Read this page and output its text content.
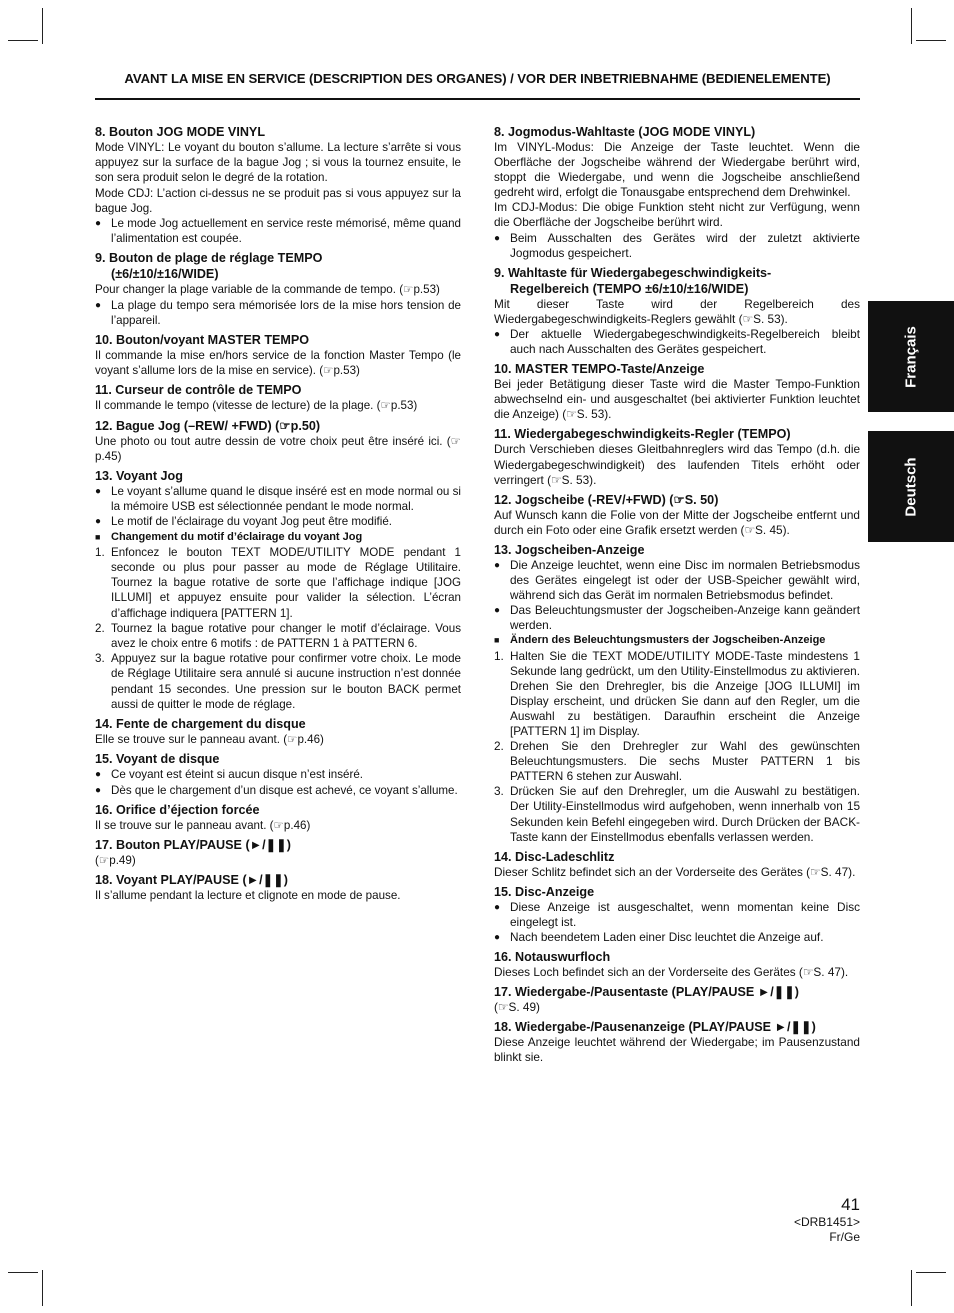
AVANT LA MISE EN SERVICE (DESCRIPTION DES ORGANES) / VOR DER INBETRIEBNAHME (BEDIENELEMENTE)
8. Bouton JOG MODE VINYL
Mode VINYL: Le voyant du bouton s’allume. La lecture s’arrête si vous appuyez sur la surface de la bague Jog ; si vous la tournez ensuite, le son sera produit selon le degré de la rotation.
Mode CDJ: L’action ci-dessus ne se produit pas si vous appuyez sur la bague Jog.
● Le mode Jog actuellement en service reste mémorisé, même quand l’alimentation est coupée.
9. Bouton de plage de réglage TEMPO
(±6/±10/±16/WIDE)
Pour changer la plage variable de la commande de tempo. (☞p.53)
● La plage du tempo sera mémorisée lors de la mise hors tension de l’appareil.
10. Bouton/voyant MASTER TEMPO
Il commande la mise en/hors service de la fonction Master Tempo (le voyant s’allume lors de la mise en service). (☞p.53)
11. Curseur de contrôle de TEMPO
Il commande le tempo (vitesse de lecture) de la plage. (☞p.53)
12. Bague Jog (–REW/ +FWD) (☞p.50)
Une photo ou tout autre dessin de votre choix peut être inséré ici. (☞p.45)
13. Voyant Jog
● Le voyant s’allume quand le disque inséré est en mode normal ou si la mémoire USB est sélectionnée pendant le mode normal.
● Le motif de l’éclairage du voyant Jog peut être modifié.
■ Changement du motif d’éclairage du voyant Jog
1. Enfoncez le bouton TEXT MODE/UTILITY MODE pendant 1 seconde ou plus pour passer au mode de Réglage Utilitaire. Tournez la bague rotative de sorte que l’affichage indique [JOG ILLUMI] et appuyez ensuite pour valider la sélection. L’écran d’affichage indiquera [PATTERN 1].
2. Tournez la bague rotative pour changer le motif d’éclairage. Vous avez le choix entre 6 motifs : de PATTERN 1 à PATTERN 6.
3. Appuyez sur la bague rotative pour confirmer votre choix. Le mode de Réglage Utilitaire sera annulé si aucune instruction n’est donnée pendant 15 secondes. Une pression sur le bouton BACK permet aussi de quitter le mode de réglage.
14. Fente de chargement du disque
Elle se trouve sur le panneau avant. (☞p.46)
15. Voyant de disque
● Ce voyant est éteint si aucun disque n’est inséré.
● Dès que le chargement d’un disque est achevé, ce voyant s’allume.
16. Orifice d’éjection forcée
Il se trouve sur le panneau avant. (☞p.46)
17. Bouton PLAY/PAUSE (►/❚❚)
(☞p.49)
18. Voyant PLAY/PAUSE (►/❚❚)
Il s’allume pendant la lecture et clignote en mode de pause.
8. Jogmodus-Wahltaste (JOG MODE VINYL)
Im VINYL-Modus: Die Anzeige der Taste leuchtet. Wenn die Oberfläche der Jogscheibe während der Wiedergabe berührt wird, stoppt die Wiedergabe, und wenn die Jogscheibe anschließend gedreht wird, erfolgt die Tonausgabe entsprechend dem Drehwinkel.
Im CDJ-Modus: Die obige Funktion steht nicht zur Verfügung, wenn die Oberfläche der Jogscheibe berührt wird.
● Beim Ausschalten des Gerätes wird der zuletzt aktivierte Jogmodus gespeichert.
9. Wahltaste für Wiedergabegeschwindigkeits-
Regelbereich (TEMPO ±6/±10/±16/WIDE)
Mit dieser Taste wird der Regelbereich des Wiedergabegeschwindigkeits-Reglers gewählt (☞S. 53).
● Der aktuelle Wiedergabegeschwindigkeits-Regelbereich bleibt auch nach Ausschalten des Gerätes gespeichert.
10. MASTER TEMPO-Taste/Anzeige
Bei jeder Betätigung dieser Taste wird die Master Tempo-Funktion abwechselnd ein- und ausgeschaltet (bei aktivierter Funktion leuchtet die Anzeige) (☞S. 53).
11. Wiedergabegeschwindigkeits-Regler (TEMPO)
Durch Verschieben dieses Gleitbahnreglers wird das Tempo (d.h. die Wiedergabegeschwindigkeit) des laufenden Titels erhöht oder verringert (☞S. 53).
12. Jogscheibe (-REV/+FWD) (☞S. 50)
Auf Wunsch kann die Folie von der Mitte der Jogscheibe entfernt und durch ein Foto oder eine Grafik ersetzt werden (☞S. 45).
13. Jogscheiben-Anzeige
● Die Anzeige leuchtet, wenn eine Disc im normalen Betriebsmodus des Gerätes eingelegt ist oder der USB-Speicher gewählt wird, während sich das Gerät im normalen Betriebsmodus befindet.
● Das Beleuchtungsmuster der Jogscheiben-Anzeige kann geändert werden.
■ Ändern des Beleuchtungsmusters der Jogscheiben-Anzeige
1. Halten Sie die TEXT MODE/UTILITY MODE-Taste mindestens 1 Sekunde lang gedrückt, um den Utility-Einstellmodus zu aktivieren. Drehen Sie den Drehregler, bis die Anzeige [JOG ILLUMI] im Display erscheint, und drücken Sie dann auf den Regler, um die Auswahl zu bestätigen. Daraufhin erscheint die Anzeige [PATTERN 1] im Display.
2. Drehen Sie den Drehregler zur Wahl des gewünschten Beleuchtungsmusters. Die sechs Muster PATTERN 1 bis PATTERN 6 stehen zur Auswahl.
3. Drücken Sie auf den Drehregler, um die Auswahl zu bestätigen. Der Utility-Einstellmodus wird aufgehoben, wenn innerhalb von 15 Sekunden kein Befehl eingegeben wird. Durch Drücken der BACK-Taste kann der Einstellmodus ebenfalls verlassen werden.
14. Disc-Ladeschlitz
Dieser Schlitz befindet sich an der Vorderseite des Gerätes (☞S. 47).
15. Disc-Anzeige
● Diese Anzeige ist ausgeschaltet, wenn momentan keine Disc eingelegt ist.
● Nach beendetem Laden einer Disc leuchtet die Anzeige auf.
16. Notauswurfloch
Dieses Loch befindet sich an der Vorderseite des Gerätes (☞S. 47).
17. Wiedergabe-/Pausentaste (PLAY/PAUSE ►/❚❚)
(☞S. 49)
18. Wiedergabe-/Pausenanzeige (PLAY/PAUSE ►/❚❚)
Diese Anzeige leuchtet während der Wiedergabe; im Pausenzustand blinkt sie.
Français
Deutsch
41
<DRB1451>
Fr/Ge
